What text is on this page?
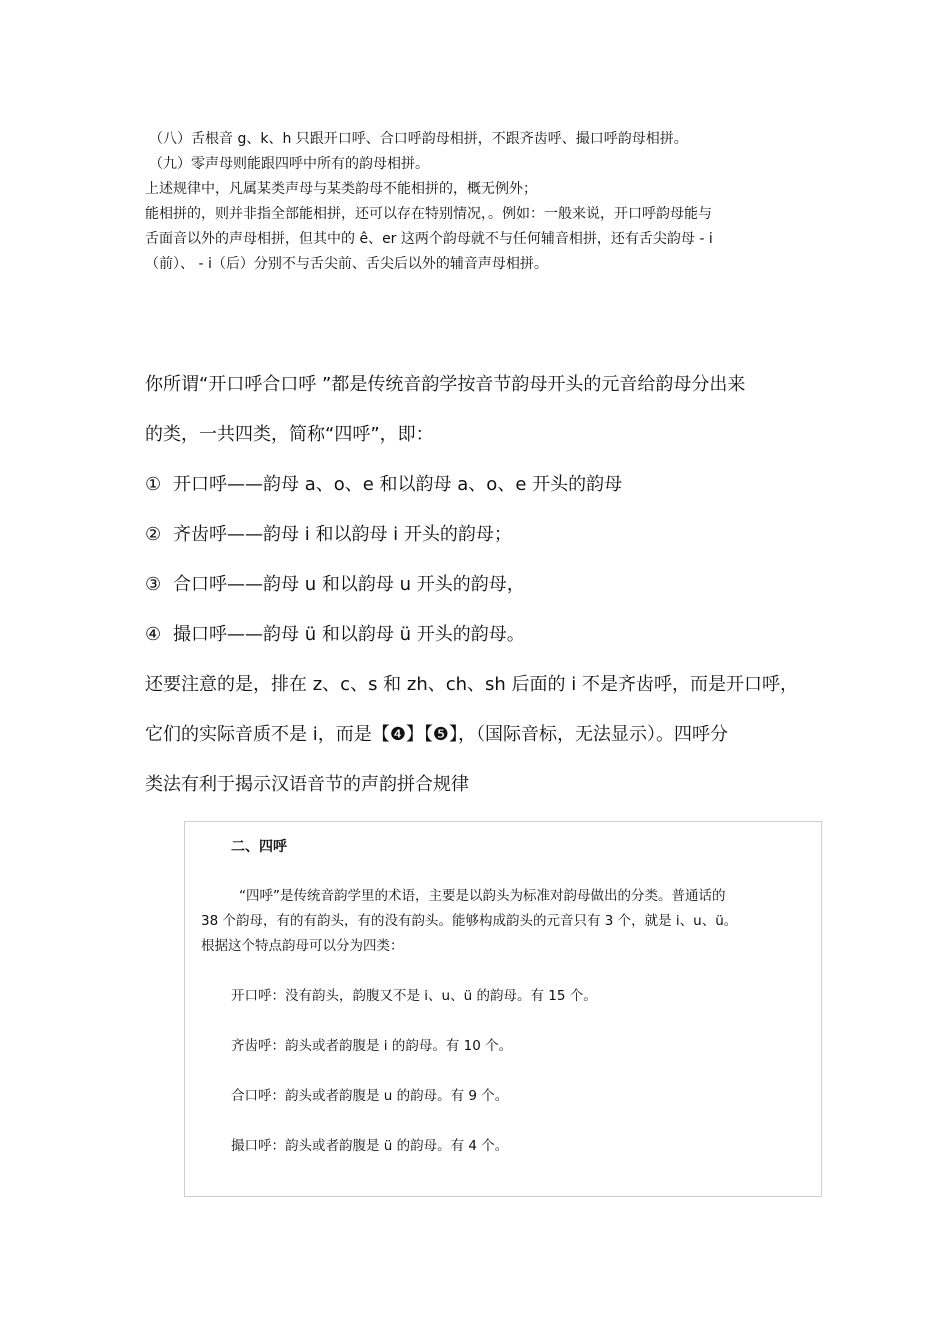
（八）舌根音 g、k、h 只跟开口呼、合口呼韵母相拼，不跟齐齿呼、撮口呼韵母相拼。

（九）零声母则能跟四呼中所有的韵母相拼。

上述规律中，凡属某类声母与某类韵母不能相拼的，概无例外；

能相拼的，则并非指全部能相拼，还可以存在特别情况，。例如：一般来说，开口呼韵母能与

舌面音以外的声母相拼，但其中的 ê、er 这两个韵母就不与任何辅音相拼，还有舌尖韵母 - i

（前）、 - i（后）分别不与舌尖前、舌尖后以外的辅音声母相拼。

你所谓“开口呼合口呼 ”都是传统音韵学按音节韵母开头的元音给韵母分出来

的类，一共四类，简称“四呼”，即：

① 开口呼——韵母 a、o、e 和以韵母 a、o、e 开头的韵母

② 齐齿呼——韵母 i 和以韵母 i 开头的韵母；

③ 合口呼——韵母 u 和以韵母 u 开头的韵母，

④ 撮口呼——韵母 ü 和以韵母 ü 开头的韵母。

还要注意的是，排在 z、c、s 和 zh、ch、sh 后面的 i 不是齐齿呼，而是开口呼，

它们的实际音质不是 i，而是【❹】【❺】，（国际音标，无法显示）。四呼分

类法有利于揭示汉语音节的声韵拼合规律

二、四呼

“四呼”是传统音韵学里的术语，主要是以韵头为标准对韵母做出的分类。普通话的
38 个韵母，有的有韵头，有的没有韵头。能够构成韵头的元音只有 3 个，就是 i、u、ü。
根据这个特点韵母可以分为四类：

开口呼：没有韵头，韵腹又不是 i、u、ü 的韵母。有 15 个。

齐齿呼：韵头或者韵腹是 i 的韵母。有 10 个。

合口呼：韵头或者韵腹是 u 的韵母。有 9 个。

撮口呼：韵头或者韵腹是 ü 的韵母。有 4 个。
